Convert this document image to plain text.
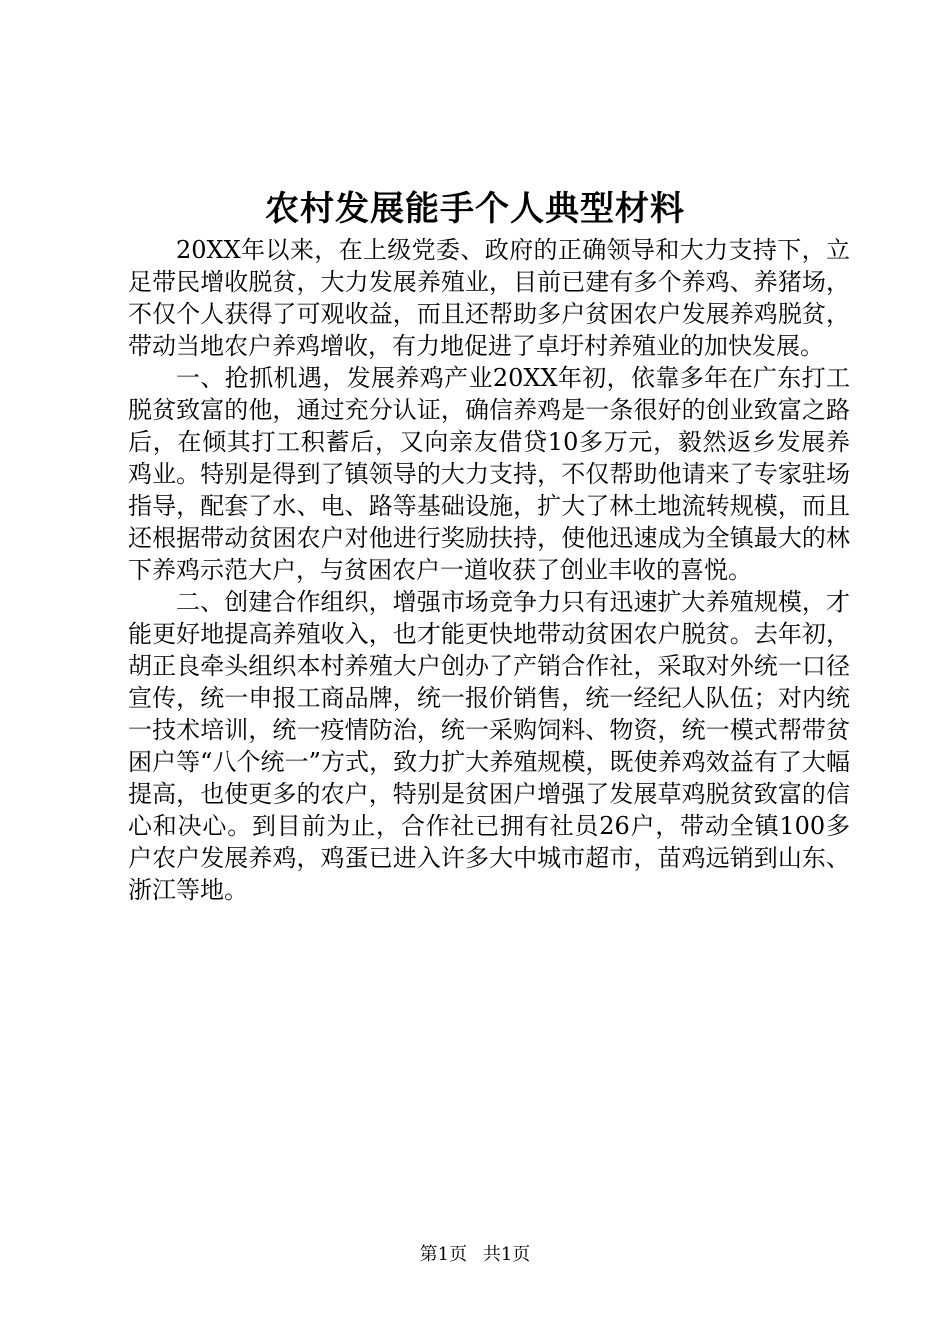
农村发展能手个人典型材料

20XX年以来，在上级党委、政府的正确领导和大力支持下，立足带民增收脱贫，大力发展养殖业，目前已建有多个养鸡、养猪场，不仅个人获得了可观收益，而且还帮助多户贫困农户发展养鸡脱贫，带动当地农户养鸡增收，有力地促进了卓圩村养殖业的加快发展。

一、抢抓机遇，发展养鸡产业20XX年初，依靠多年在广东打工脱贫致富的他，通过充分认证，确信养鸡是一条很好的创业致富之路后，在倾其打工积蓄后，又向亲友借贷10多万元，毅然返乡发展养鸡业。特别是得到了镇领导的大力支持，不仅帮助他请来了专家驻场指导，配套了水、电、路等基础设施，扩大了林土地流转规模，而且还根据带动贫困农户对他进行奖励扶持，使他迅速成为全镇最大的林下养鸡示范大户，与贫困农户一道收获了创业丰收的喜悦。

二、创建合作组织，增强市场竞争力只有迅速扩大养殖规模，才能更好地提高养殖收入，也才能更快地带动贫困农户脱贫。去年初，胡正良牵头组织本村养殖大户创办了产销合作社，采取对外统一口径宣传，统一申报工商品牌，统一报价销售，统一经纪人队伍；对内统一技术培训，统一疫情防治，统一采购饲料、物资，统一模式帮带贫困户等“八个统一”方式，致力扩大养殖规模，既使养鸡效益有了大幅提高，也使更多的农户，特别是贫困户增强了发展草鸡脱贫致富的信心和决心。到目前为止，合作社已拥有社员26户，带动全镇100多户农户发展养鸡，鸡蛋已进入许多大中城市超市，苗鸡远销到山东、浙江等地。

第1页 共1页
